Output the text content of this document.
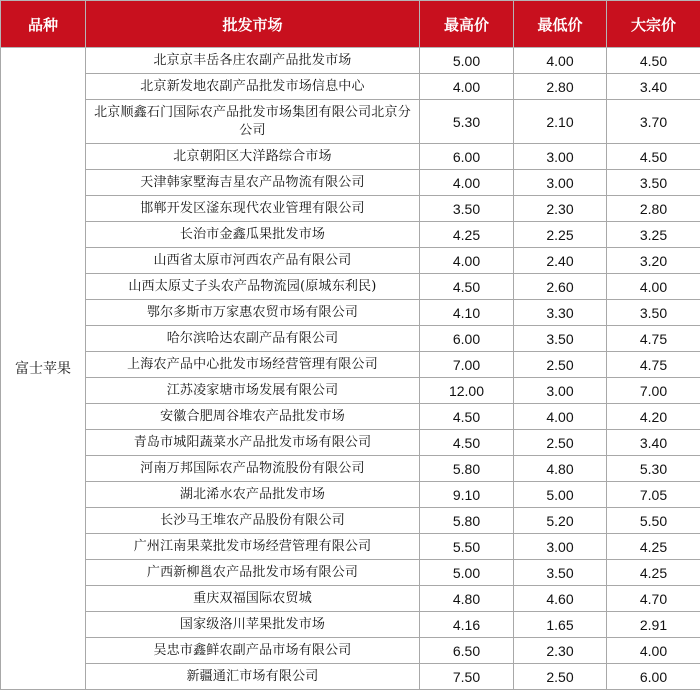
品种	批发市场	最高价	最低价	大宗价
富士苹果	北京京丰岳各庄农副产品批发市场	5.00	4.00	4.50
	北京新发地农副产品批发市场信息中心	4.00	2.80	3.40
	北京顺鑫石门国际农产品批发市场集团有限公司北京分公司	5.30	2.10	3.70
	北京朝阳区大洋路综合市场	6.00	3.00	4.50
	天津韩家墅海吉星农产品物流有限公司	4.00	3.00	3.50
	邯郸开发区滏东现代农业管理有限公司	3.50	2.30	2.80
	长治市金鑫瓜果批发市场	4.25	2.25	3.25
	山西省太原市河西农产品有限公司	4.00	2.40	3.20
	山西太原丈子头农产品物流园(原城东利民)	4.50	2.60	4.00
	鄂尔多斯市万家惠农贸市场有限公司	4.10	3.30	3.50
	哈尔滨哈达农副产品有限公司	6.00	3.50	4.75
	上海农产品中心批发市场经营管理有限公司	7.00	2.50	4.75
	江苏凌家塘市场发展有限公司	12.00	3.00	7.00
	安徽合肥周谷堆农产品批发市场	4.50	4.00	4.20
	青岛市城阳蔬菜水产品批发市场有限公司	4.50	2.50	3.40
	河南万邦国际农产品物流股份有限公司	5.80	4.80	5.30
	湖北浠水农产品批发市场	9.10	5.00	7.05
	长沙马王堆农产品股份有限公司	5.80	5.20	5.50
	广州江南果菜批发市场经营管理有限公司	5.50	3.00	4.25
	广西新柳邕农产品批发市场有限公司	5.00	3.50	4.25
	重庆双福国际农贸城	4.80	4.60	4.70
	国家级洛川苹果批发市场	4.16	1.65	2.91
	吴忠市鑫鲜农副产品市场有限公司	6.50	2.30	4.00
	新疆通汇市场有限公司	7.50	2.50	6.00
